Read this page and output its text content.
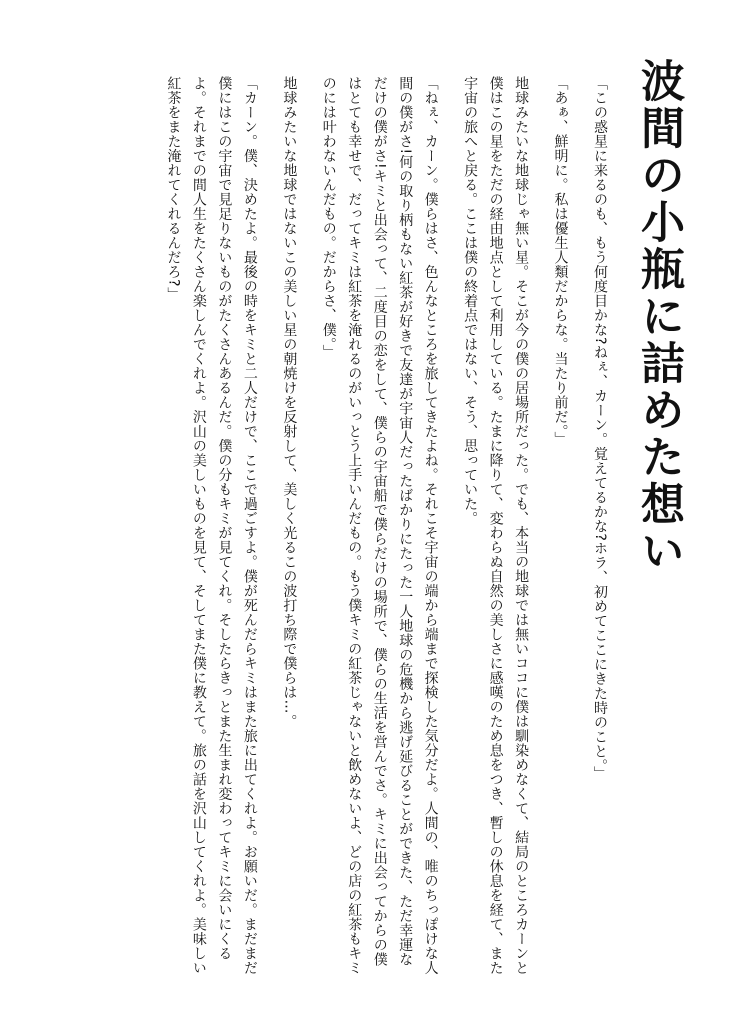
波間の小瓶に詰めた想い

「この惑星に来るのも、もう何度目かな?ねぇ、カーン。覚えてるかな?ホラ、初めてここにきた時のこと。」

「あぁ、鮮明に。私は優生人類だからな。当たり前だ。」

地球みたいな地球じゃ無い星。そこが今の僕の居場所だった。でも、本当の地球では無いココに僕は馴染めなくて、結局のところカーンと僕はこの星をただの経由地点として利用している。たまに降りて、変わらぬ自然の美しさに感嘆のため息をつき、暫しの休息を経て、また宇宙の旅へと戻る。ここは僕の終着点ではない、そう、思っていた。

「ねぇ、カーン。僕らはさ、色んなところを旅してきたよね。それこそ宇宙の端から端まで探検した気分だよ。人間の、唯のちっぽけな人間の僕がさ!何の取り柄もない紅茶が好きで友達が宇宙人だったばかりにたった一人地球の危機から逃げ延びることができた、ただ幸運なだけの僕がさ!キミと出会って、二度目の恋をして、僕らの宇宙船で僕らだけの場所で、僕らの生活を営んでさ。キミに出会ってからの僕はとても幸せで、だってキミは紅茶を淹れるのがいっとう上手いんだもの。もう僕キミの紅茶じゃないと飲めないよ、どの店の紅茶もキミのには叶わないんだもの。だからさ、僕。」

地球みたいな地球ではないこの美しい星の朝焼けを反射して、美しく光るこの波打ち際で僕らは…。

「カーン。僕、決めたよ。最後の時をキミと二人だけで、ここで過ごすよ。僕が死んだらキミはまた旅に出てくれよ。お願いだ。まだまだ僕にはこの宇宙で見足りないものがたくさんあるんだ。僕の分もキミが見てくれ。そしたらきっとまた生まれ変わってキミに会いにくるよ。それまでの間人生をたくさん楽しんでくれよ。沢山の美しいものを見て、そしてまた僕に教えて。旅の話を沢山してくれよ。美味しい紅茶をまた淹れてくれるんだろ?」
